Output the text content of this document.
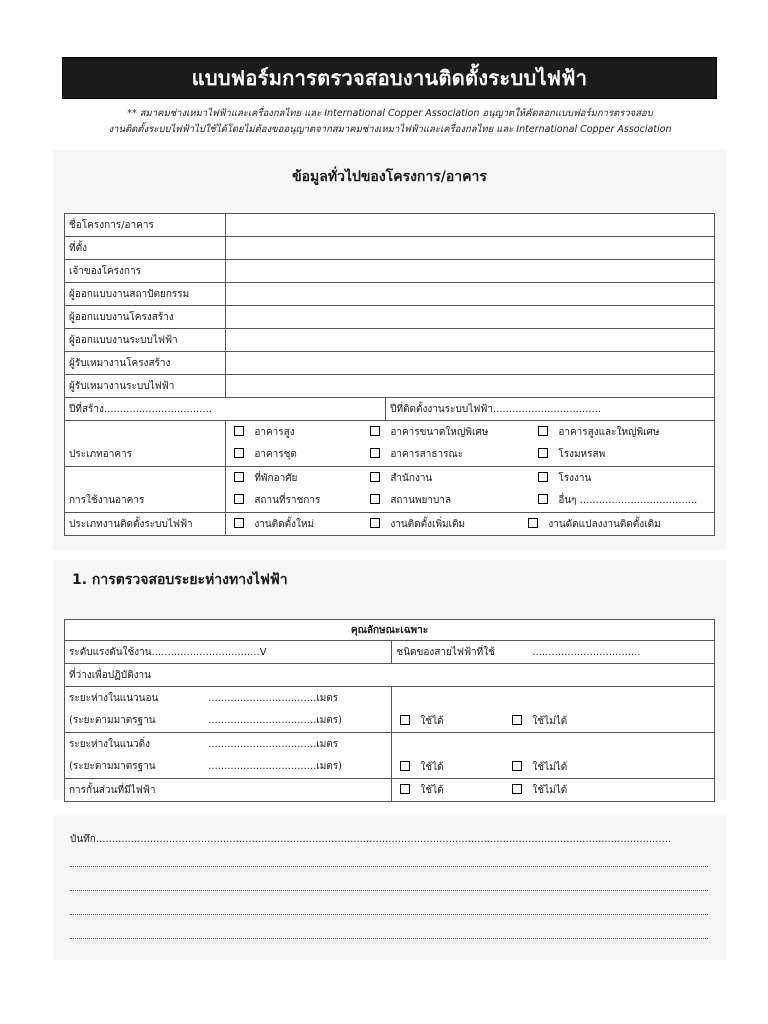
แบบฟอร์มการตรวจสอบงานติดตั้งระบบไฟฟ้า
** สมาคมช่างเหมาไฟฟ้าและเครื่องกลไทย และ International Copper Association อนุญาตให้คัดลอกแบบฟอร์มการตรวจสอบ
งานติดตั้งระบบไฟฟ้าไปใช้ได้โดยไม่ต้องขออนุญาตจากสมาคมช่างเหมาไฟฟ้าและเครื่องกลไทย และ International Copper Association
ข้อมูลทั่วไปของโครงการ/อาคาร
ชื่อโครงการ/อาคาร		
ที่ตั้ง		
เจ้าของโครงการ		
ผู้ออกแบบงานสถาปัตยกรรม		
ผู้ออกแบบงานโครงสร้าง		
ผู้ออกแบบงานระบบไฟฟ้า		
ผู้รับเหมางานโครงสร้าง		
ผู้รับเหมางานระบบไฟฟ้า		
ปีที่สร้าง..................................		ปีที่ติดตั้งงานระบบไฟฟ้า..................................
ประเภทอาคาร	อาคารสูง อาคารขนาดใหญ่พิเศษ อาคารสูงและใหญ่พิเศษ	
	อาคารชุด อาคารสาธารณะ โรงมหรสพ	
การใช้งานอาคาร	ที่พักอาศัย สำนักงาน โรงงาน	
	สถานที่ราชการ สถานพยาบาล อื่นๆ .....................................	
ประเภทงานติดตั้งระบบไฟฟ้า	งานติดตั้งใหม่ งานติดตั้งเพิ่มเติม งานดัดแปลงงานติดตั้งเดิม	
1. การตรวจสอบระยะห่างทางไฟฟ้า
คุณลักษณะเฉพาะ		
ระดับแรงดันใช้งาน..................................V		ชนิดของสายไฟฟ้าที่ใช้ ..................................
ที่ว่างเพื่อปฏิบัติงาน		
ระยะห่างในแนวนอน	..................................เมตร	ใช้ได้ ใช้ไม่ได้
(ระยะตามมาตรฐาน	..................................เมตร)	
ระยะห่างในแนวดิ่ง	..................................เมตร	ใช้ได้ ใช้ไม่ได้
(ระยะตามมาตรฐาน	..................................เมตร)	
การกั้นส่วนที่มีไฟฟ้า		ใช้ได้ ใช้ไม่ได้
บันทึก.....................................................................................................................................................................................
